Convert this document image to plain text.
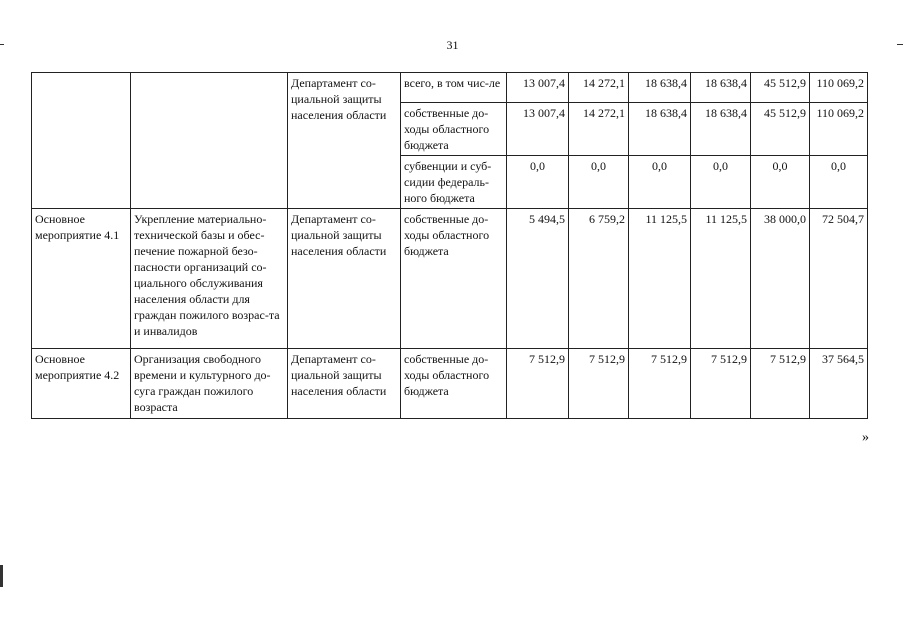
31
		Департамент со-циальной защиты населения области	всего, в том чис-ле	13 007,4	14 272,1	18 638,4	18 638,4	45 512,9	110 069,2
			собственные до-ходы областного бюджета	13 007,4	14 272,1	18 638,4	18 638,4	45 512,9	110 069,2
			субвенции и суб-сидии федераль-ного бюджета	0,0	0,0	0,0	0,0	0,0	0,0
Основное мероприятие 4.1	Укрепление материально-технической базы и обес-печение пожарной безо-пасности организаций со-циального обслуживания населения области для граждан пожилого возрас-та и инвалидов	Департамент со-циальной защиты населения области	собственные до-ходы областного бюджета	5 494,5	6 759,2	11 125,5	11 125,5	38 000,0	72 504,7
Основное мероприятие 4.2	Организация свободного времени и культурного до-суга граждан пожилого возраста	Департамент со-циальной защиты населения области	собственные до-ходы областного бюджета	7 512,9	7 512,9	7 512,9	7 512,9	7 512,9	37 564,5
»
